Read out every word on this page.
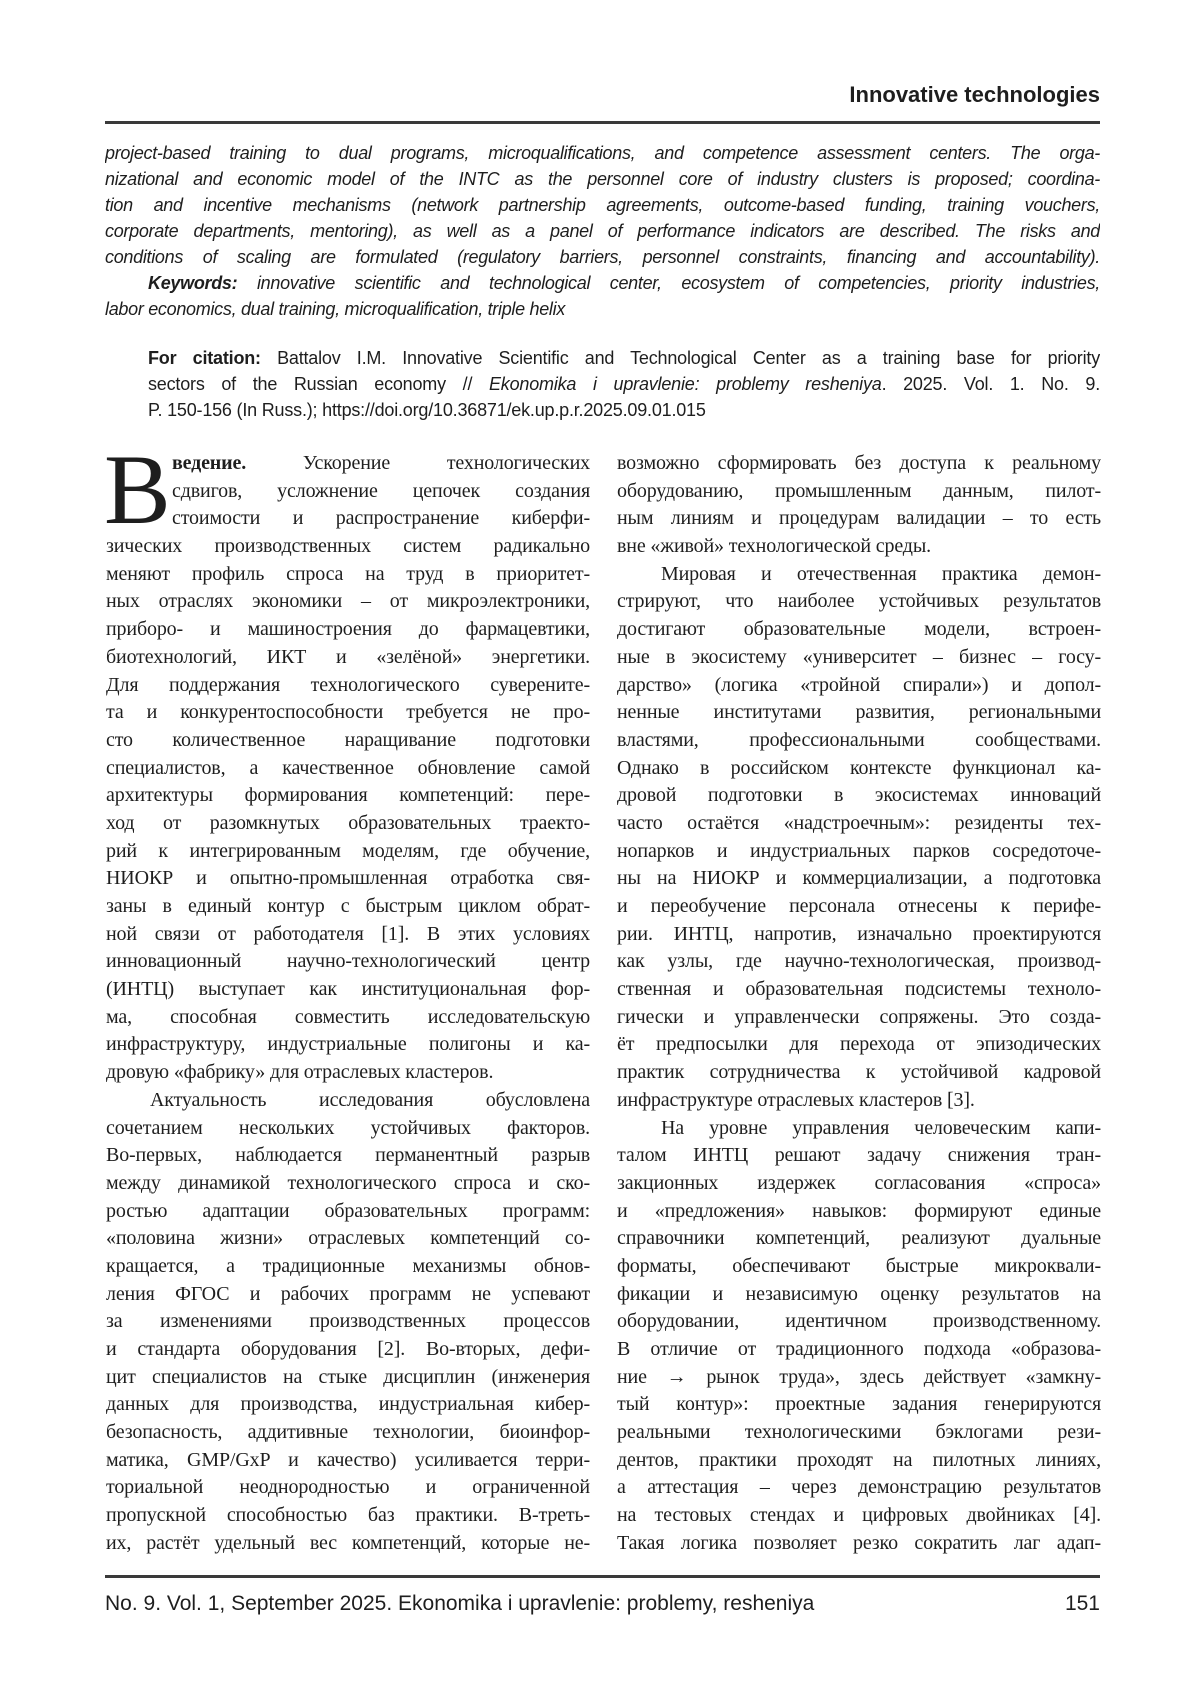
Innovative technologies
project-based training to dual programs, microqualifications, and competence assessment centers. The orga-
nizational and economic model of the INTC as the personnel core of industry clusters is proposed; coordina-
tion and incentive mechanisms (network partnership agreements, outcome-based funding, training vouchers,
corporate departments, mentoring), as well as a panel of performance indicators are described. The risks and
conditions of scaling are formulated (regulatory barriers, personnel constraints, financing and accountability).
Keywords: innovative scientific and technological center, ecosystem of competencies, priority industries,
labor economics, dual training, microqualification, triple helix
For citation: Battalov I.M. Innovative Scientific and Technological Center as a training base for priority
sectors of the Russian economy // Ekonomika i upravlenie: problemy resheniya. 2025. Vol. 1. No. 9.
P. 150-156 (In Russ.); https://doi.org/10.36871/ek.up.p.r.2025.09.01.015
В ведение. Ускорение технологических
сдвигов, усложнение цепочек создания
стоимости и распространение киберфи-
зических производственных систем радикально
меняют профиль спроса на труд в приоритет-
ных отраслях экономики – от микроэлектроники,
приборо- и машиностроения до фармацевтики,
биотехнологий, ИКТ и «зелёной» энергетики.
Для поддержания технологического суверените-
та и конкурентоспособности требуется не про-
сто количественное наращивание подготовки
специалистов, а качественное обновление самой
архитектуры формирования компетенций: пере-
ход от разомкнутых образовательных траекто-
рий к интегрированным моделям, где обучение,
НИОКР и опытно-промышленная отработка свя-
заны в единый контур с быстрым циклом обрат-
ной связи от работодателя [1]. В этих условиях
инновационный научно-технологический центр
(ИНТЦ) выступает как институциональная фор-
ма, способная совместить исследовательскую
инфраструктуру, индустриальные полигоны и ка-
дровую «фабрику» для отраслевых кластеров.
Актуальность исследования обусловлена
сочетанием нескольких устойчивых факторов.
Во-первых, наблюдается перманентный разрыв
между динамикой технологического спроса и ско-
ростью адаптации образовательных программ:
«половина жизни» отраслевых компетенций со-
кращается, а традиционные механизмы обнов-
ления ФГОС и рабочих программ не успевают
за изменениями производственных процессов
и стандарта оборудования [2]. Во-вторых, дефи-
цит специалистов на стыке дисциплин (инженерия
данных для производства, индустриальная кибер-
безопасность, аддитивные технологии, биоинфор-
матика, GMP/GxP и качество) усиливается терри-
ториальной неоднородностью и ограниченной
пропускной способностью баз практики. В-треть-
их, растёт удельный вес компетенций, которые не-
возможно сформировать без доступа к реальному
оборудованию, промышленным данным, пилот-
ным линиям и процедурам валидации – то есть
вне «живой» технологической среды.
Мировая и отечественная практика демон-
стрируют, что наиболее устойчивых результатов
достигают образовательные модели, встроен-
ные в экосистему «университет – бизнес – госу-
дарство» (логика «тройной спирали») и допол-
ненные институтами развития, региональными
властями, профессиональными сообществами.
Однако в российском контексте функционал ка-
дровой подготовки в экосистемах инноваций
часто остаётся «надстроечным»: резиденты тех-
нопарков и индустриальных парков сосредоточе-
ны на НИОКР и коммерциализации, а подготовка
и переобучение персонала отнесены к перифе-
рии. ИНТЦ, напротив, изначально проектируются
как узлы, где научно-технологическая, производ-
ственная и образовательная подсистемы техноло-
гически и управленчески сопряжены. Это созда-
ёт предпосылки для перехода от эпизодических
практик сотрудничества к устойчивой кадровой
инфраструктуре отраслевых кластеров [3].
На уровне управления человеческим капи-
талом ИНТЦ решают задачу снижения тран-
закционных издержек согласования «спроса»
и «предложения» навыков: формируют единые
справочники компетенций, реализуют дуальные
форматы, обеспечивают быстрые микроквали-
фикации и независимую оценку результатов на
оборудовании, идентичном производственному.
В отличие от традиционного подхода «образова-
ние → рынок труда», здесь действует «замкну-
тый контур»: проектные задания генерируются
реальными технологическими бэклогами рези-
дентов, практики проходят на пилотных линиях,
а аттестация – через демонстрацию результатов
на тестовых стендах и цифровых двойниках [4].
Такая логика позволяет резко сократить лаг адап-
No. 9. Vol. 1, September 2025. Ekonomika i upravlenie: problemy, resheniya	151
